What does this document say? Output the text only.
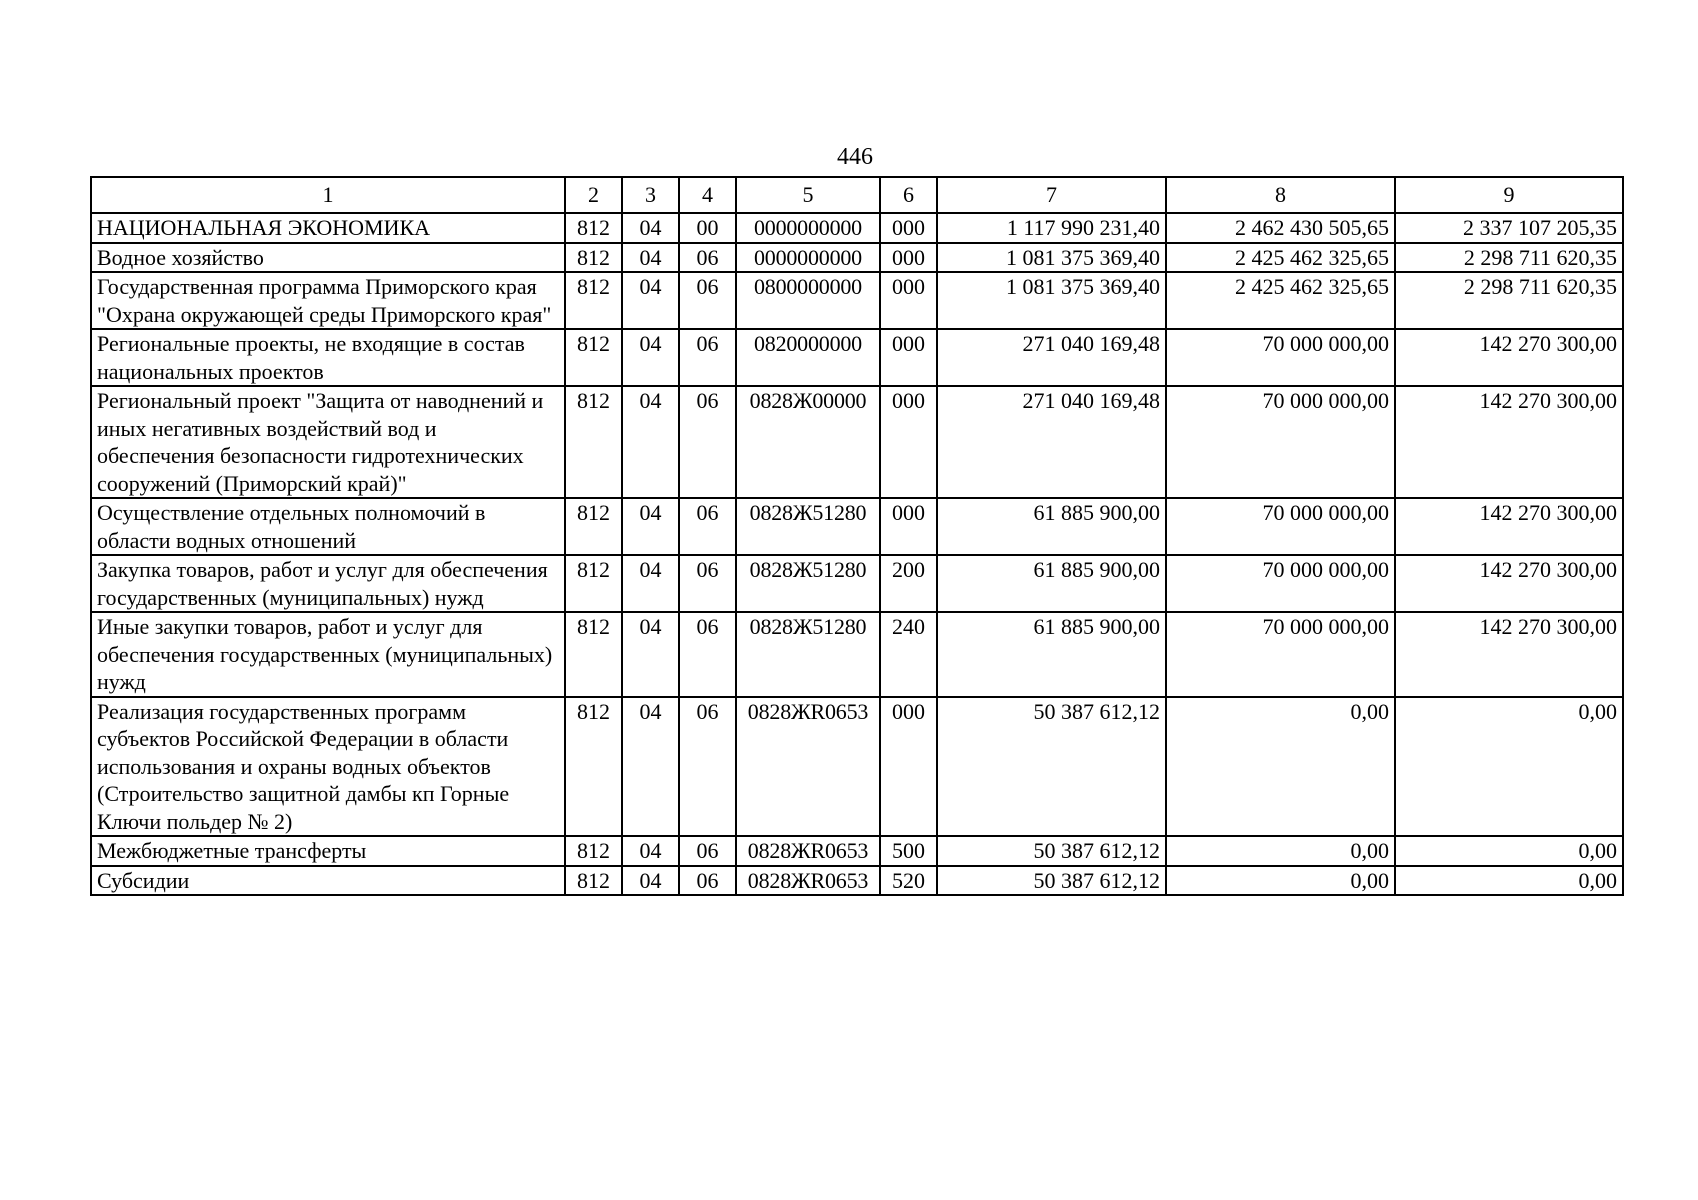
446
1	2	3	4	5	6	7	8	9
НАЦИОНАЛЬНАЯ ЭКОНОМИКА	812	04	00	0000000000	000	1 117 990 231,40	2 462 430 505,65	2 337 107 205,35
Водное хозяйство	812	04	06	0000000000	000	1 081 375 369,40	2 425 462 325,65	2 298 711 620,35
Государственная программа Приморского края "Охрана окружающей среды Приморского края"	812	04	06	0800000000	000	1 081 375 369,40	2 425 462 325,65	2 298 711 620,35
Региональные проекты, не входящие в состав национальных проектов	812	04	06	0820000000	000	271 040 169,48	70 000 000,00	142 270 300,00
Региональный проект "Защита от наводнений и иных негативных воздействий вод и обеспечения безопасности гидротехнических сооружений (Приморский край)"	812	04	06	0828Ж00000	000	271 040 169,48	70 000 000,00	142 270 300,00
Осуществление отдельных полномочий в области водных отношений	812	04	06	0828Ж51280	000	61 885 900,00	70 000 000,00	142 270 300,00
Закупка товаров, работ и услуг для обеспечения государственных (муниципальных) нужд	812	04	06	0828Ж51280	200	61 885 900,00	70 000 000,00	142 270 300,00
Иные закупки товаров, работ и услуг для обеспечения государственных (муниципальных) нужд	812	04	06	0828Ж51280	240	61 885 900,00	70 000 000,00	142 270 300,00
Реализация государственных программ субъектов Российской Федерации в области использования и охраны водных объектов (Строительство защитной дамбы кп Горные Ключи польдер № 2)	812	04	06	0828ЖR0653	000	50 387 612,12	0,00	0,00
Межбюджетные трансферты	812	04	06	0828ЖR0653	500	50 387 612,12	0,00	0,00
Субсидии	812	04	06	0828ЖR0653	520	50 387 612,12	0,00	0,00
